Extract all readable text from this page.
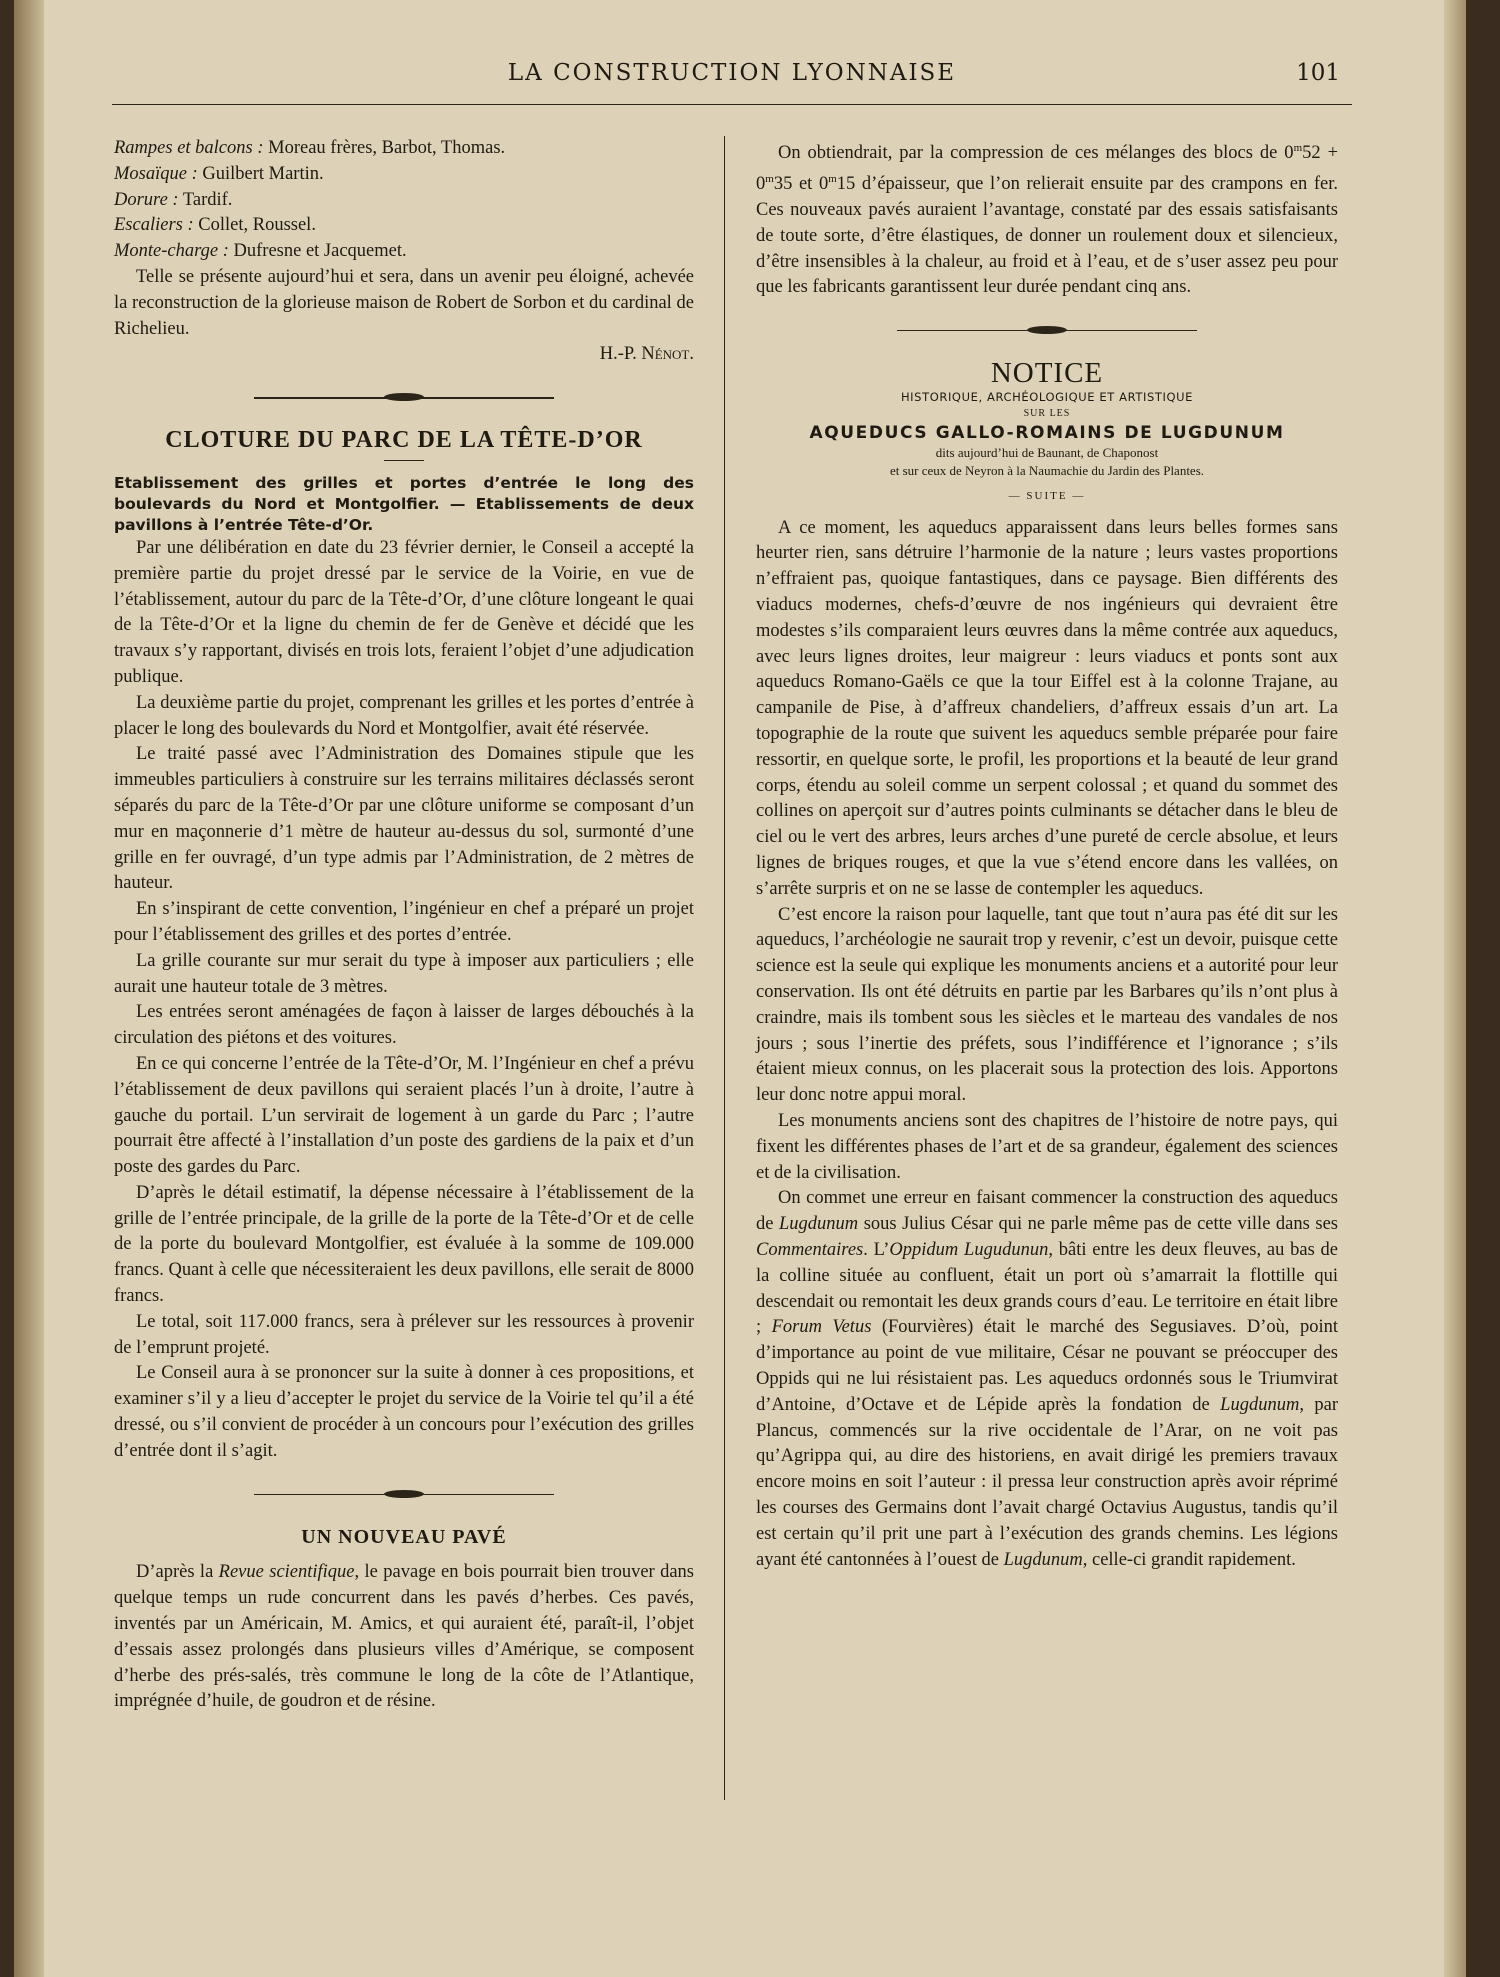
LA CONSTRUCTION LYONNAISE	101

Rampes et balcons : Moreau frères, Barbot, Thomas.

Mosaïque : Guilbert Martin.

Dorure : Tardif.

Escaliers : Collet, Roussel.

Monte-charge : Dufresne et Jacquemet.

Telle se présente aujourd’hui et sera, dans un avenir peu éloigné, achevée la reconstruction de la glorieuse maison de Robert de Sorbon et du cardinal de Richelieu.

H.-P. Nénot.
CLOTURE DU PARC DE LA TÊTE-D’OR

Etablissement des grilles et portes d’entrée le long des boulevards du Nord et Montgolfier. — Etablissements de deux pavillons à l’entrée Tête-d’Or.

Par une délibération en date du 23 février dernier, le Conseil a accepté la première partie du projet dressé par le service de la Voirie, en vue de l’établissement, autour du parc de la Tête-d’Or, d’une clôture longeant le quai de la Tête-d’Or et la ligne du chemin de fer de Genève et décidé que les travaux s’y rapportant, divisés en trois lots, feraient l’objet d’une adjudication publique.

La deuxième partie du projet, comprenant les grilles et les portes d’entrée à placer le long des boulevards du Nord et Montgolfier, avait été réservée.

Le traité passé avec l’Administration des Domaines stipule que les immeubles particuliers à construire sur les terrains militaires déclassés seront séparés du parc de la Tête-d’Or par une clôture uniforme se composant d’un mur en maçonnerie d’1 mètre de hauteur au-dessus du sol, surmonté d’une grille en fer ouvragé, d’un type admis par l’Administration, de 2 mètres de hauteur.

En s’inspirant de cette convention, l’ingénieur en chef a préparé un projet pour l’établissement des grilles et des portes d’entrée.

La grille courante sur mur serait du type à imposer aux particuliers ; elle aurait une hauteur totale de 3 mètres.

Les entrées seront aménagées de façon à laisser de larges débouchés à la circulation des piétons et des voitures.

En ce qui concerne l’entrée de la Tête-d’Or, M. l’Ingénieur en chef a prévu l’établissement de deux pavillons qui seraient placés l’un à droite, l’autre à gauche du portail. L’un servirait de logement à un garde du Parc ; l’autre pourrait être affecté à l’installation d’un poste des gardiens de la paix et d’un poste des gardes du Parc.

D’après le détail estimatif, la dépense nécessaire à l’établissement de la grille de l’entrée principale, de la grille de la porte de la Tête-d’Or et de celle de la porte du boulevard Montgolfier, est évaluée à la somme de 109.000 francs. Quant à celle que nécessiteraient les deux pavillons, elle serait de 8000 francs.

Le total, soit 117.000 francs, sera à prélever sur les ressources à provenir de l’emprunt projeté.

Le Conseil aura à se prononcer sur la suite à donner à ces propositions, et examiner s’il y a lieu d’accepter le projet du service de la Voirie tel qu’il a été dressé, ou s’il convient de procéder à un concours pour l’exécution des grilles d’entrée dont il s’agit.

UN NOUVEAU PAVÉ

D’après la Revue scientifique, le pavage en bois pourrait bien trouver dans quelque temps un rude concurrent dans les pavés d’herbes. Ces pavés, inventés par un Américain, M. Amics, et qui auraient été, paraît-il, l’objet d’essais assez prolongés dans plusieurs villes d’Amérique, se composent d’herbe des prés-salés, très commune le long de la côte de l’Atlantique, imprégnée d’huile, de goudron et de résine.

On obtiendrait, par la compression de ces mélanges des blocs de $0^m52 + 0^m35$ et 0$^m$15 d’épaisseur, que l’on relierait ensuite par des crampons en fer. Ces nouveaux pavés auraient l’avantage, constaté par des essais satisfaisants de toute sorte, d’être élastiques, de donner un roulement doux et silencieux, d’être insensibles à la chaleur, au froid et à l’eau, et de s’user assez peu pour que les fabricants garantissent leur durée pendant cinq ans.

NOTICE
HISTORIQUE, ARCHÉOLOGIQUE ET ARTISTIQUE
SUR LES
AQUEDUCS GALLO-ROMAINS DE LUGDUNUM
dits aujourd’hui de Baunant, de Chaponost
et sur ceux de Neyron à la Naumachie du Jardin des Plantes.
— SUITE —

A ce moment, les aqueducs apparaissent dans leurs belles formes sans heurter rien, sans détruire l’harmonie de la nature ; leurs vastes proportions n’effraient pas, quoique fantastiques, dans ce paysage. Bien différents des viaducs modernes, chefs-d’œuvre de nos ingénieurs qui devraient être modestes s’ils comparaient leurs œuvres dans la même contrée aux aqueducs, avec leurs lignes droites, leur maigreur : leurs viaducs et ponts sont aux aqueducs Romano-Gaëls ce que la tour Eiffel est à la colonne Trajane, au campanile de Pise, à d’affreux chandeliers, d’affreux essais d’un art. La topographie de la route que suivent les aqueducs semble préparée pour faire ressortir, en quelque sorte, le profil, les proportions et la beauté de leur grand corps, étendu au soleil comme un serpent colossal ; et quand du sommet des collines on aperçoit sur d’autres points culminants se détacher dans le bleu de ciel ou le vert des arbres, leurs arches d’une pureté de cercle absolue, et leurs lignes de briques rouges, et que la vue s’étend encore dans les vallées, on s’arrête surpris et on ne se lasse de contempler les aqueducs.

C’est encore la raison pour laquelle, tant que tout n’aura pas été dit sur les aqueducs, l’archéologie ne saurait trop y revenir, c’est un devoir, puisque cette science est la seule qui explique les monuments anciens et a autorité pour leur conservation. Ils ont été détruits en partie par les Barbares qu’ils n’ont plus à craindre, mais ils tombent sous les siècles et le marteau des vandales de nos jours ; sous l’inertie des préfets, sous l’indifférence et l’ignorance ; s’ils étaient mieux connus, on les placerait sous la protection des lois. Apportons leur donc notre appui moral.

Les monuments anciens sont des chapitres de l’histoire de notre pays, qui fixent les différentes phases de l’art et de sa grandeur, également des sciences et de la civilisation.

On commet une erreur en faisant commencer la construction des aqueducs de Lugdunum sous Julius César qui ne parle même pas de cette ville dans ses Commentaires. L’Oppidum Lugudunun, bâti entre les deux fleuves, au bas de la colline située au confluent, était un port où s’amarrait la flottille qui descendait ou remontait les deux grands cours d’eau. Le territoire en était libre ; Forum Vetus (Fourvières) était le marché des Segusiaves. D’où, point d’importance au point de vue militaire, César ne pouvant se préoccuper des Oppids qui ne lui résistaient pas. Les aqueducs ordonnés sous le Triumvirat d’Antoine, d’Octave et de Lépide après la fondation de Lugdunum, par Plancus, commencés sur la rive occidentale de l’Arar, on ne voit pas qu’Agrippa qui, au dire des historiens, en avait dirigé les premiers travaux encore moins en soit l’auteur : il pressa leur construction après avoir réprimé les courses des Germains dont l’avait chargé Octavius Augustus, tandis qu’il est certain qu’il prit une part à l’exécution des grands chemins. Les légions ayant été cantonnées à l’ouest de Lugdunum, celle-ci grandit rapidement.
